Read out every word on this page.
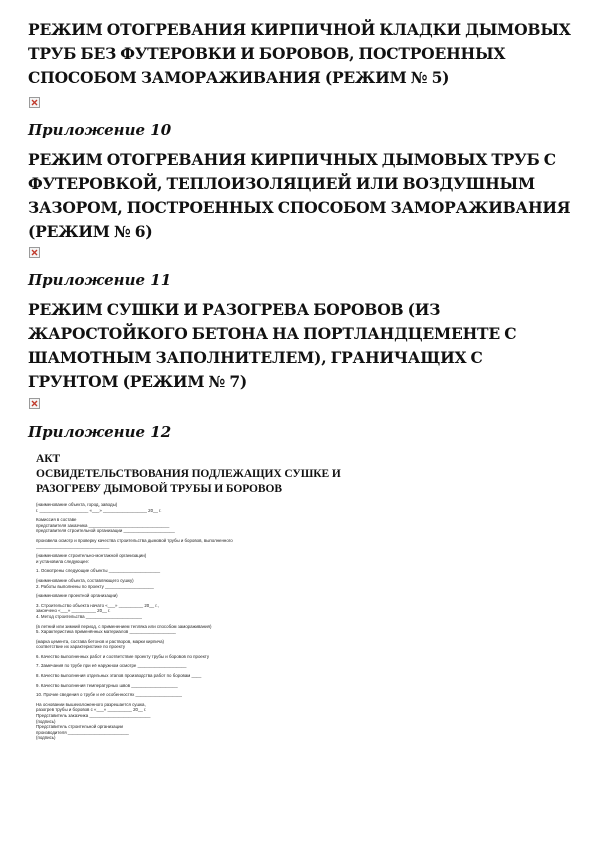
РЕЖИМ ОТОГРЕВАНИЯ КИРПИЧНОЙ КЛАДКИ ДЫМОВЫХ ТРУБ БЕЗ ФУТЕРОВКИ И БОРОВОВ, ПОСТРОЕННЫХ СПОСОБОМ ЗАМОРАЖИВАНИЯ (РЕЖИМ № 5)

Приложение 10

РЕЖИМ ОТОГРЕВАНИЯ КИРПИЧНЫХ ДЫМОВЫХ ТРУБ С ФУТЕРОВКОЙ, ТЕПЛОИЗОЛЯЦИЕЙ ИЛИ ВОЗДУШНЫМ ЗАЗОРОМ, ПОСТРОЕННЫХ СПОСОБОМ ЗАМОРАЖИВАНИЯ (РЕЖИМ № 6)

Приложение 11

РЕЖИМ СУШКИ И РАЗОГРЕВА БОРОВОВ (ИЗ ЖАРОСТОЙКОГО БЕТОНА НА ПОРТЛАНДЦЕМЕНТЕ С ШАМОТНЫМ ЗАПОЛНИТЕЛЕМ), ГРАНИЧАЩИХ С ГРУНТОМ (РЕЖИМ № 7)

Приложение 12

АКТ
ОСВИДЕТЕЛЬСТВОВАНИЯ ПОДЛЕЖАЩИХ СУШКЕ И
РАЗОГРЕВУ ДЫМОВОЙ ТРУБЫ И БОРОВОВ
(наименование объекта, город, заводы)
г. ____________________ «___» __________________ 20__ г.
Комиссия в составе
представителя заказчика _________________________________
представителя строительной организации _____________________
произвела осмотр и проверку качества строительства дымовой трубы и боровов, выполненного
______________________________
(наименование строительно-монтажной организации)
и установила следующее:
1. Осмотрены следующие объекты _____________________
(наименование объекта, составляющего сушку)
2. Работы выполнены по проекту ____________________
(наименование проектной организации)
3. Строительство объекта начато «___» __________ 20__ г.,
закончено «___» __________ 20__ г.
4. Метод строительства _______________________
(в летний или зимний период, с применением тепляка или способом замораживания)
5. Характеристика применённых материалов ___________________
(марка цемента, состава бетонов и растворов, марки кирпича)
соответствие их характеристике по проекту
6. Качество выполненных работ и соответствие проекту трубы и боровов по проекту
7. Замечания по трубе при её наружном осмотре ____________________
8. Качество выполнения отдельных этапов производства работ по боровам ____
9. Качество выполнения температурных швов ___________________
10. Прочие сведения о трубе и её особенностях ___________________
На основании вышеизложенного разрешается сушка,
разогрев трубы и боровов с «___» __________ 20__ г.
Представитель заказчика _________________________
(подпись)
Представитель строительной организации
производителя _________________________
(подпись)
